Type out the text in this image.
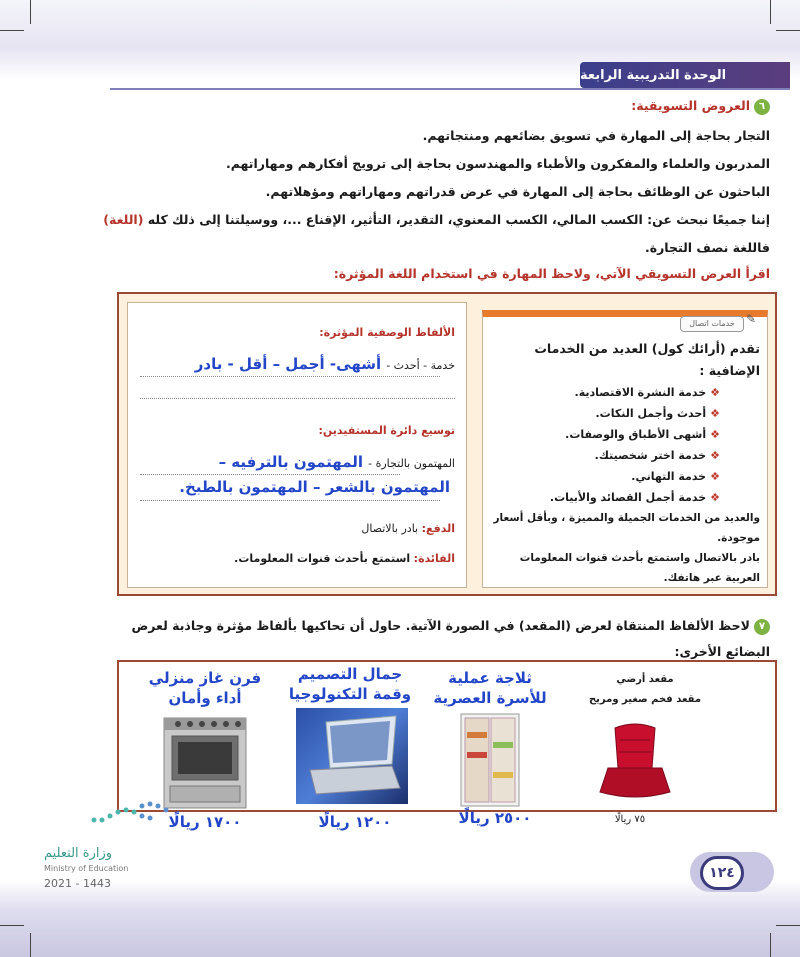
الوحدة التدريبية الرابعة
٦العروض التسويقية:
التجار بحاجة إلى المهارة في تسويق بضائعهم ومنتجاتهم.
المدربون والعلماء والمفكرون والأطباء والمهندسون بحاجة إلى ترويج أفكارهم ومهاراتهم.
الباحثون عن الوظائف بحاجة إلى المهارة في عرض قدراتهم ومهاراتهم ومؤهلاتهم.
إننا جميعًا نبحث عن: الكسب المالي، الكسب المعنوي، التقدير، التأثير، الإقناع ...، ووسيلتنا إلى ذلك كله (اللغة)
فاللغة نصف التجارة.
اقرأ العرض التسويقي الآتي، ولاحظ المهارة في استخدام اللغة المؤثرة:
خدمات اتصال ✎
تقدم (أرائك كول) العديد من الخدمات الإضافية :
❖خدمة النشرة الاقتصادية.
❖أحدث وأجمل النكات.
❖أشهى الأطباق والوصفات.
❖خدمة اختر شخصيتك.
❖خدمة التهاني.
❖خدمة أجمل القصائد والأبيات.
والعديد من الخدمات الجميلة والمميزة ، وبأقل أسعار موجودة.
بادر بالاتصال واستمتع بأحدث قنوات المعلومات العربية عبر هاتفك.
الألفاظ الوصفية المؤثرة:
خدمة - أحدث - أشهى- أجمل – أقل - بادر
توسيع دائرة المستفيدين:
المهتمون بالتجارة - المهتمون بالترفيه –
المهتمون بالشعر – المهتمون بالطبخ.
الدفع: بادر بالاتصال
الفائدة: استمتع بأحدث قنوات المعلومات.
٧لاحظ الألفاظ المنتقاة لعرض (المقعد) في الصورة الآتية. حاول أن تحاكيها بألفاظ مؤثرة وجاذبة لعرض
البضائع الأخرى:
فرن غاز منزلي
أداء وأمان
جمال التصميم
وقمة التكنولوجيا
ثلاجة عملية
للأسرة العصرية
مقعد أرضي
مقعد فخم صغير ومريح
١٧٠٠ ريالًا	١٢٠٠ ريالًا	٢٥٠٠ ريالًا	٧٥ ريالًا
وزارة التعليم
Ministry of Education
2021 - 1443
١٢٤
